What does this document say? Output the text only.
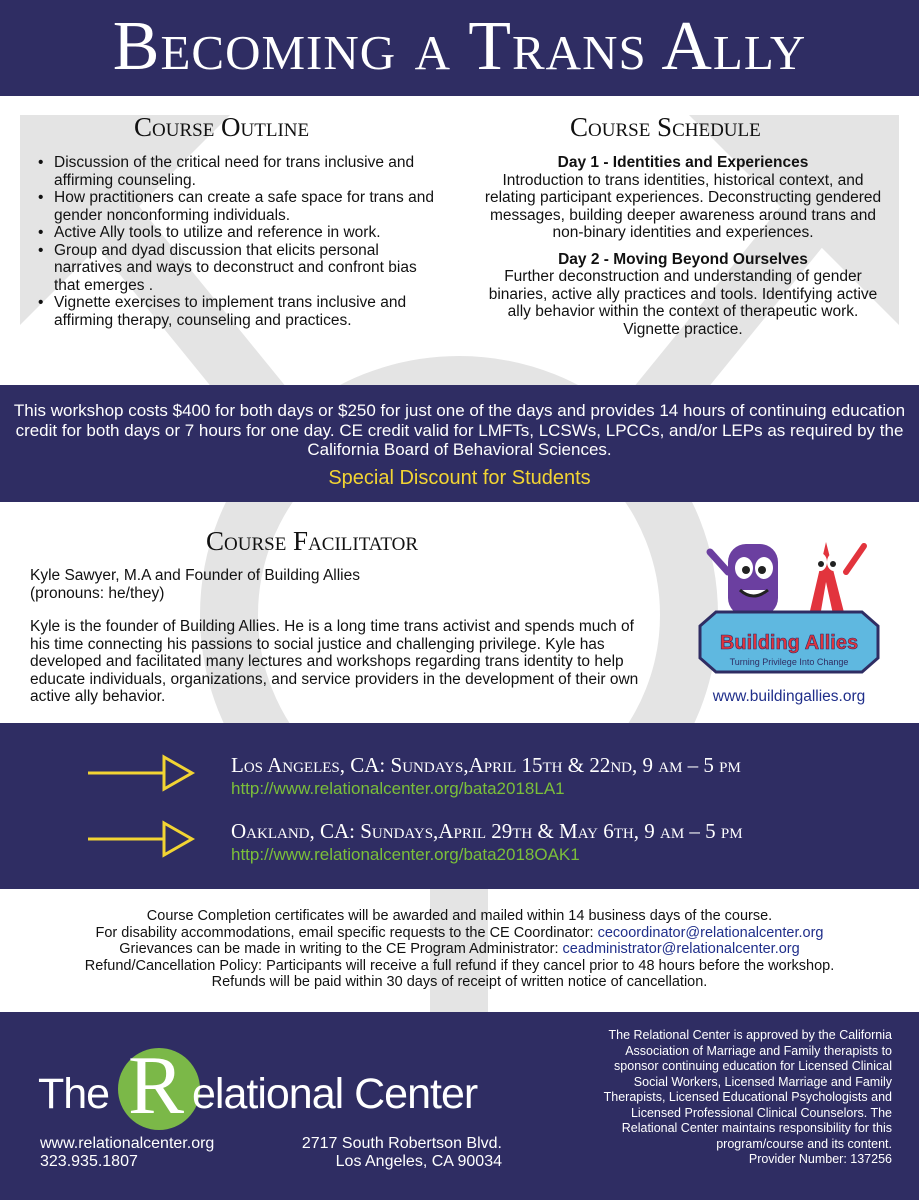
Becoming a Trans Ally
Course Outline
• Discussion of the critical need for trans inclusive and affirming counseling.
• How practitioners can create a safe space for trans and gender nonconforming individuals.
• Active Ally tools to utilize and reference in work.
• Group and dyad discussion that elicits personal narratives and ways to deconstruct and confront bias that emerges .
• Vignette exercises to implement trans inclusive and affirming therapy, counseling and practices.
Course Schedule
Day 1 - Identities and Experiences
Introduction to trans identities, historical context, and relating participant experiences. Deconstructing gendered messages, building deeper awareness around trans and non-binary identities and experiences.
Day 2 - Moving Beyond Ourselves
Further deconstruction and understanding of gender binaries, active ally practices and tools. Identifying active ally behavior within the context of therapeutic work. Vignette practice.
This workshop costs $400 for both days or $250 for just one of the days and provides 14 hours of continuing education credit for both days or 7 hours for one day. CE credit valid for LMFTs, LCSWs, LPCCs, and/or LEPs as required by the California Board of Behavioral Sciences.
Special Discount for Students
Course Facilitator

Kyle Sawyer, M.A and Founder of Building Allies
(pronouns: he/they)

Kyle is the founder of Building Allies. He is a long time trans activist and spends much of his time connecting his passions to social justice and challenging privilege. Kyle has developed and facilitated many lectures and workshops regarding trans identity to help educate individuals, organizations, and service providers in the development of their own active ally behavior.

Building Allies
Turning Privilege Into Change
www.buildingallies.org
Los Angeles, CA: Sundays,April 15th & 22nd, 9 am – 5 pm
http://www.relationalcenter.org/bata2018LA1
Oakland, CA: Sundays,April 29th & May 6th, 9 am – 5 pm
http://www.relationalcenter.org/bata2018OAK1
Course Completion certificates will be awarded and mailed within 14 business days of the course.
For disability accommodations, email specific requests to the CE Coordinator: cecoordinator@relationalcenter.org
Grievances can be made in writing to the CE Program Administrator: ceadministrator@relationalcenter.org
Refund/Cancellation Policy: Participants will receive a full refund if they cancel prior to 48 hours before the workshop.
Refunds will be paid within 30 days of receipt of written notice of cancellation.
The R elational Center
www.relationalcenter.org
323.935.1807
2717 South Robertson Blvd.
Los Angeles, CA 90034
The Relational Center is approved by the California Association of Marriage and Family therapists to sponsor continuing education for Licensed Clinical Social Workers, Licensed Marriage and Family Therapists, Licensed Educational Psychologists and Licensed Professional Clinical Counselors. The Relational Center maintains responsibility for this program/course and its content.
Provider Number: 137256
